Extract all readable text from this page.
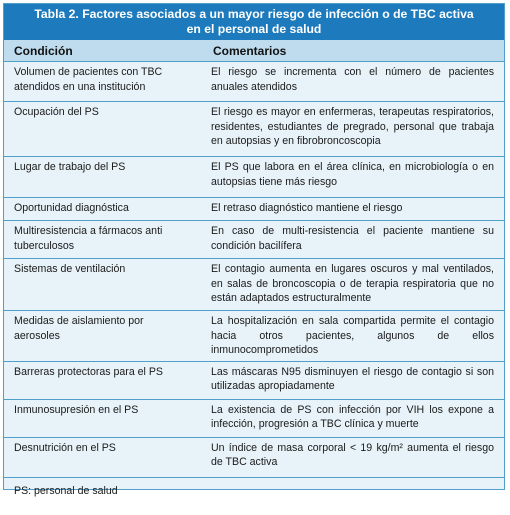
Tabla 2. Factores asociados a un mayor riesgo de infección o de TBC activa
en el personal de salud
Condición	Comentarios
Volumen de pacientes con TBC atendidos en una institución	El riesgo se incrementa con el número de pacientes anuales atendidos
Ocupación del PS	El riesgo es mayor en enfermeras, terapeutas respiratorios, residentes, estudiantes de pregrado, personal que trabaja en autopsias y en fibrobroncoscopia
Lugar de trabajo del PS	El PS que labora en el área clínica, en microbiología o en autopsias tiene más riesgo
Oportunidad diagnóstica	El retraso diagnóstico mantiene el riesgo
Multiresistencia a fármacos anti tuberculosos	En caso de multi-resistencia el paciente mantiene su condición bacilífera
Sistemas de ventilación	El contagio aumenta en lugares oscuros y mal ventilados, en salas de broncoscopia o de terapia respiratoria que no están adaptados estructuralmente
Medidas de aislamiento por aerosoles	La hospitalización en sala compartida permite el contagio hacia otros pacientes, algunos de ellos inmunocomprometidos
Barreras protectoras para el PS	Las máscaras N95 disminuyen el riesgo de contagio si son utilizadas apropiadamente
Inmunosupresión en el PS	La existencia de PS con infección por VIH los expone a infección, progresión a TBC clínica y muerte
Desnutrición en el PS	Un índice de masa corporal < 19 kg/m² aumenta el riesgo de TBC activa
PS: personal de salud	
